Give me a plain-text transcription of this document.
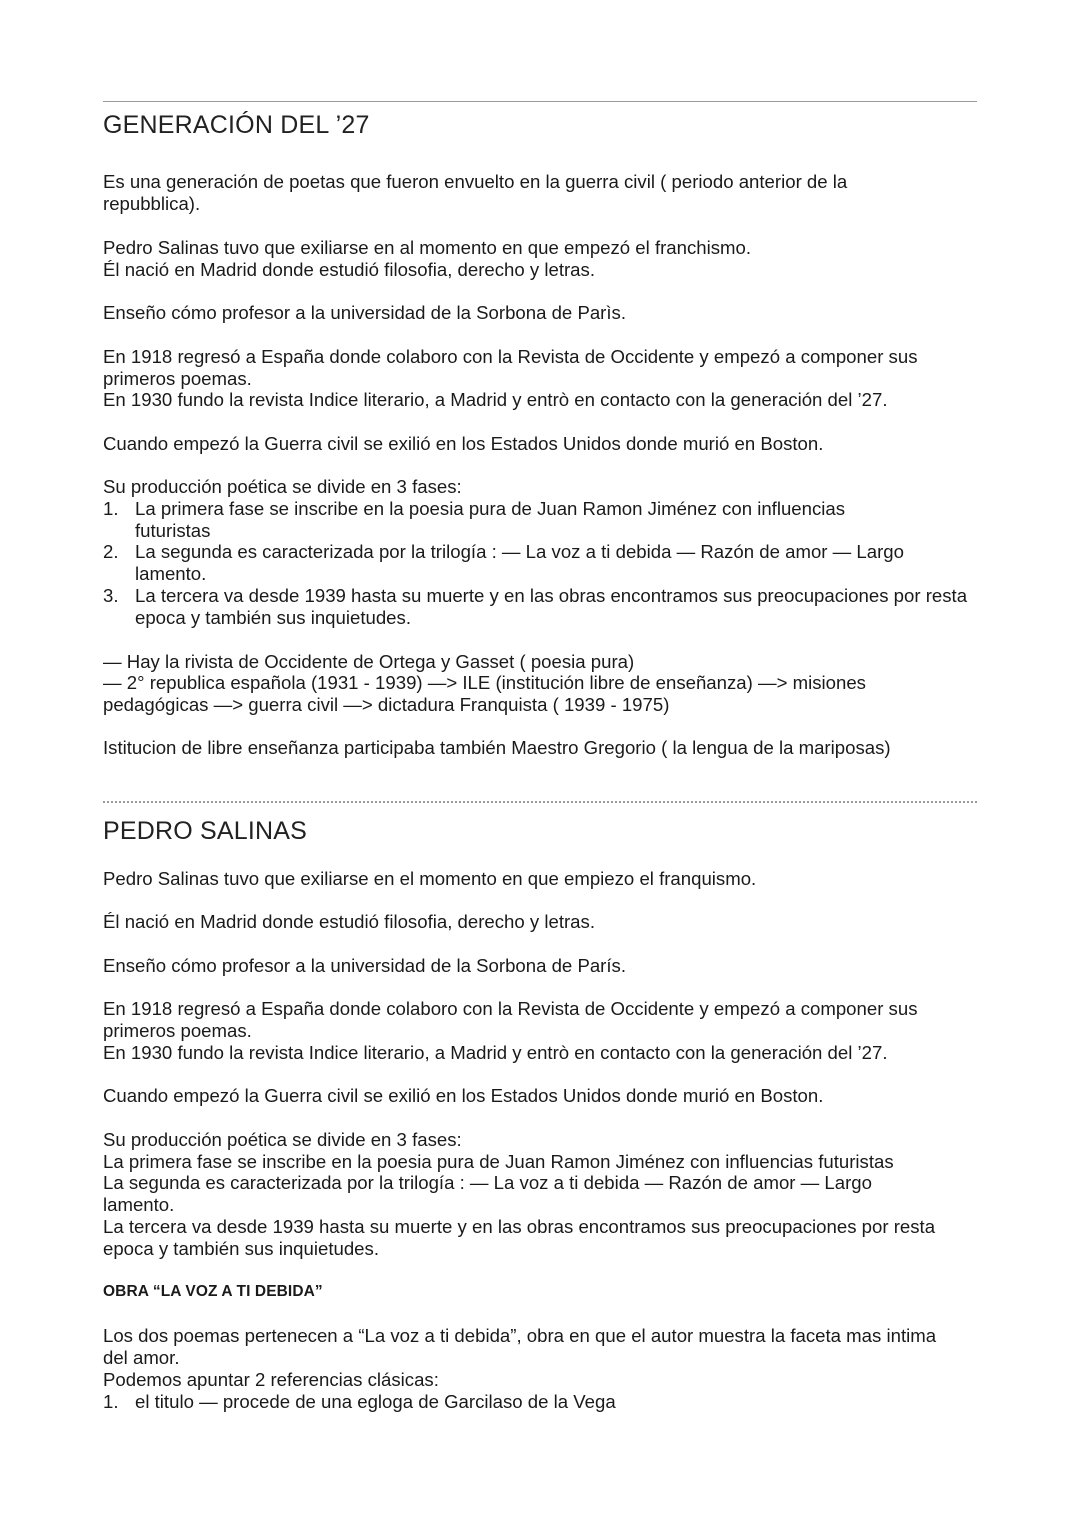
GENERACIÓN DEL ’27

Es una generación de poetas que fueron envuelto en la guerra civil ( periodo anterior de la repubblica).

Pedro Salinas tuvo que exiliarse en al momento en que empezó el franchismo.

Él nació en Madrid donde estudió filosofia, derecho y letras.

Enseño cómo profesor a la universidad de la Sorbona de Parìs.

En 1918 regresó a España donde colaboro con la Revista de Occidente y empezó a componer sus primeros poemas.

En 1930 fundo la revista Indice literario, a Madrid y entrò en contacto con la generación del ’27.

Cuando empezó la Guerra civil se exilió en los Estados Unidos donde murió en Boston.

Su producción poética se divide en 3 fases:

1. La primera fase se inscribe en la poesia pura de Juan Ramon Jiménez con influencias futuristas
2. La segunda es caracterizada por la trilogía : — La voz a ti debida — Razón de amor — Largo lamento.
3. La tercera va desde 1939 hasta su muerte y en las obras encontramos sus preocupaciones por resta epoca y también sus inquietudes.

— Hay la rivista de Occidente de Ortega y Gasset ( poesia pura)

— 2° republica española (1931 - 1939) —> ILE (institución libre de enseñanza) —> misiones pedagógicas —> guerra civil —> dictadura Franquista ( 1939 - 1975)

Istitucion de libre enseñanza participaba también Maestro Gregorio ( la lengua de la mariposas)

PEDRO SALINAS

Pedro Salinas tuvo que exiliarse en el momento en que empiezo el franquismo.

Él nació en Madrid donde estudió filosofia, derecho y letras.

Enseño cómo profesor a la universidad de la Sorbona de París.

En 1918 regresó a España donde colaboro con la Revista de Occidente y empezó a componer sus primeros poemas.

En 1930 fundo la revista Indice literario, a Madrid y entrò en contacto con la generación del ’27.

Cuando empezó la Guerra civil se exilió en los Estados Unidos donde murió en Boston.

Su producción poética se divide en 3 fases:

La primera fase se inscribe en la poesia pura de Juan Ramon Jiménez con influencias futuristas

La segunda es caracterizada por la trilogía : — La voz a ti debida — Razón de amor — Largo lamento.

La tercera va desde 1939 hasta su muerte y en las obras encontramos sus preocupaciones por resta epoca y también sus inquietudes.

OBRA “LA VOZ A TI DEBIDA”

Los dos poemas pertenecen a “La voz a ti debida”, obra en que el autor muestra la faceta mas intima del amor.

Podemos apuntar 2 referencias clásicas:

1. el titulo — procede de una egloga de Garcilaso de la Vega
